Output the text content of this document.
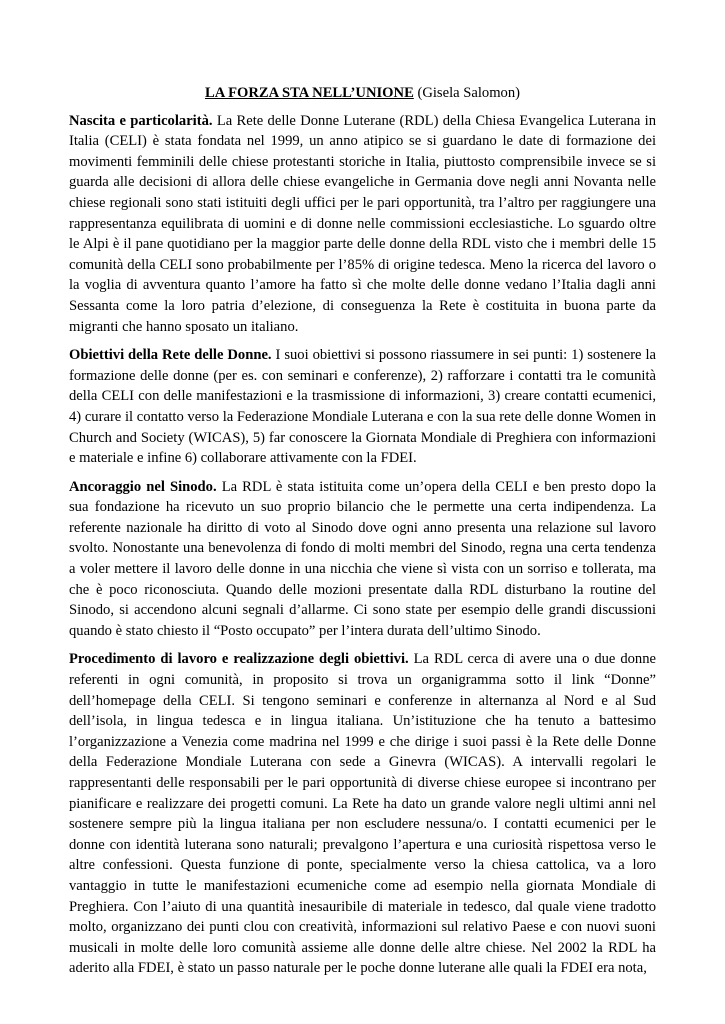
LA FORZA STA NELL’UNIONE (Gisela Salomon)

Nascita e particolarità. La Rete delle Donne Luterane (RDL) della Chiesa Evangelica Luterana in Italia (CELI) è stata fondata nel 1999, un anno atipico se si guardano le date di formazione dei movimenti femminili delle chiese protestanti storiche in Italia, piuttosto comprensibile invece se si guarda alle decisioni di allora delle chiese evangeliche in Germania dove negli anni Novanta nelle chiese regionali sono stati istituiti degli uffici per le pari opportunità, tra l’altro per raggiungere una rappresentanza equilibrata di uomini e di donne nelle commissioni ecclesiastiche. Lo sguardo oltre le Alpi è il pane quotidiano per la maggior parte delle donne della RDL visto che i membri delle 15 comunità della CELI sono probabilmente per l’85% di origine tedesca. Meno la ricerca del lavoro o la voglia di avventura quanto l’amore ha fatto sì che molte delle donne vedano l’Italia dagli anni Sessanta come la loro patria d’elezione, di conseguenza la Rete è costituita in buona parte da migranti che hanno sposato un italiano.

Obiettivi della Rete delle Donne. I suoi obiettivi si possono riassumere in sei punti: 1) sostenere la formazione delle donne (per es. con seminari e conferenze), 2) rafforzare i contatti tra le comunità della CELI con delle manifestazioni e la trasmissione di informazioni, 3) creare contatti ecumenici, 4) curare il contatto verso la Federazione Mondiale Luterana e con la sua rete delle donne Women in Church and Society (WICAS), 5) far conoscere la Giornata Mondiale di Preghiera con informazioni e materiale e infine 6) collaborare attivamente con la FDEI.

Ancoraggio nel Sinodo. La RDL è stata istituita come un’opera della CELI e ben presto dopo la sua fondazione ha ricevuto un suo proprio bilancio che le permette una certa indipendenza. La referente nazionale ha diritto di voto al Sinodo dove ogni anno presenta una relazione sul lavoro svolto. Nonostante una benevolenza di fondo di molti membri del Sinodo, regna una certa tendenza a voler mettere il lavoro delle donne in una nicchia che viene sì vista con un sorriso e tollerata, ma che è poco riconosciuta. Quando delle mozioni presentate dalla RDL disturbano la routine del Sinodo, si accendono alcuni segnali d’allarme. Ci sono state per esempio delle grandi discussioni quando è stato chiesto il “Posto occupato” per l’intera durata dell’ultimo Sinodo.

Procedimento di lavoro e realizzazione degli obiettivi. La RDL cerca di avere una o due donne referenti in ogni comunità, in proposito si trova un organigramma sotto il link “Donne” dell’homepage della CELI. Si tengono seminari e conferenze in alternanza al Nord e al Sud dell’isola, in lingua tedesca e in lingua italiana. Un’istituzione che ha tenuto a battesimo l’organizzazione a Venezia come madrina nel 1999 e che dirige i suoi passi è la Rete delle Donne della Federazione Mondiale Luterana con sede a Ginevra (WICAS). A intervalli regolari le rappresentanti delle responsabili per le pari opportunità di diverse chiese europee si incontrano per pianificare e realizzare dei progetti comuni. La Rete ha dato un grande valore negli ultimi anni nel sostenere sempre più la lingua italiana per non escludere nessuna/o. I contatti ecumenici per le donne con identità luterana sono naturali; prevalgono l’apertura e una curiosità rispettosa verso le altre confessioni. Questa funzione di ponte, specialmente verso la chiesa cattolica, va a loro vantaggio in tutte le manifestazioni ecumeniche come ad esempio nella giornata Mondiale di Preghiera. Con l’aiuto di una quantità inesauribile di materiale in tedesco, dal quale viene tradotto molto, organizzano dei punti clou con creatività, informazioni sul relativo Paese e con nuovi suoni musicali in molte delle loro comunità assieme alle donne delle altre chiese. Nel 2002 la RDL ha aderito alla FDEI, è stato un passo naturale per le poche donne luterane alle quali la FDEI era nota,
